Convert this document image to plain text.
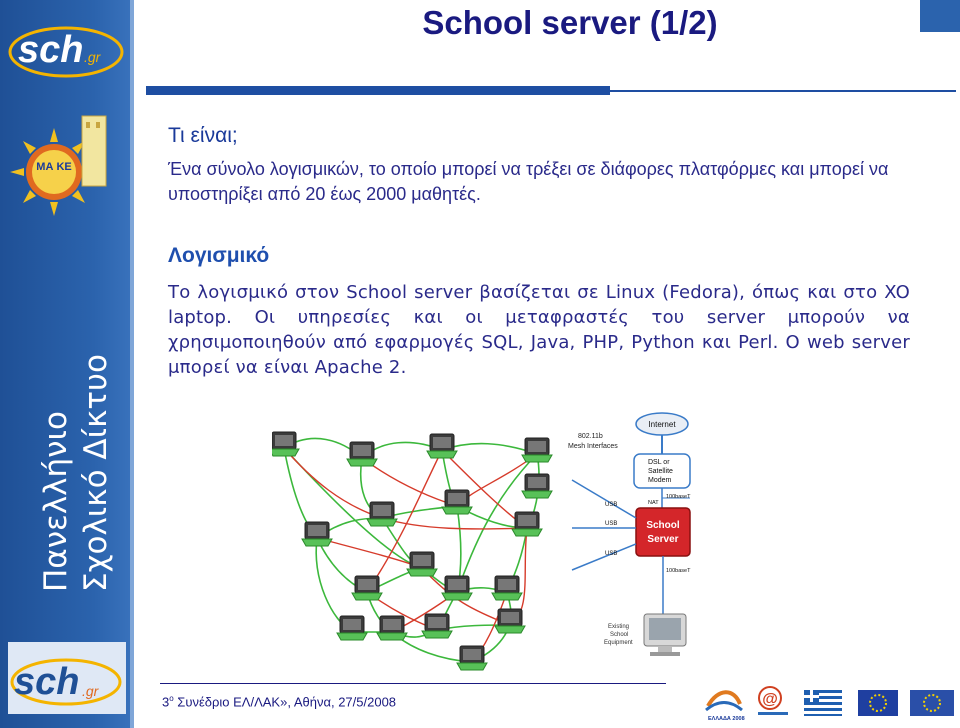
sch .gr
ΜΑ ΚΕ
Πανελλήνιο Σχολικό Δίκτυο
sch .gr
School server (1/2)
Τι είναι;
Ένα σύνολο λογισμικών, το οποίο μπορεί να τρέξει σε διάφορες πλατφόρμες και μπορεί να υποστηρίξει από 20 έως 2000 μαθητές.
Λογισμικό
Το λογισμικό στον School server βασίζεται σε Linux (Fedora), όπως και στο XO laptop. Οι υπηρεσίες και οι μεταφραστές του server μπορούν να χρησιμοποιηθούν από εφαρμογές SQL, Java, PHP, Python και Perl. O web server μπορεί να είναι Apache 2.
802.11b
Mesh Interfaces
Internet
DSL or
Satellite
Modem
100baseT
NAT
School
Server
USB
USB
USB
100baseT
Existing
School
Equipment
$3^o$ Συνέδριο ΕΛ/ΛΑΚ», Αθήνα, 27/5/2008
ΕΛΛΑΔΑ 2008
@
